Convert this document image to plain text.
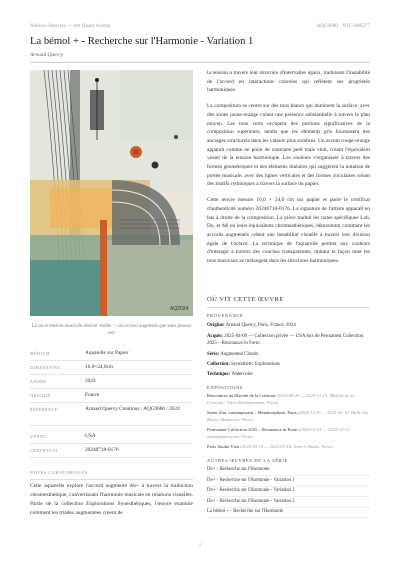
Notices d'œuvres — Art Quant Azoma	AQC0680 · NTC-006277
La bémol + - Recherche sur l'Harmonie - Variation 1
Arnaud Quercy
AQ2024
Là où la tension musicale devient visible — un accord augmenté que vous pouvez voir
MÉDIUM	Aquarelle sur Papier
DIMENSIONS	16,0×24,0cm
ANNÉE	2024
ORIGINE	France
RÉFÉRENCE	Arnaud Quercy Creations / AQC0680 / 2024
VENDU	USA
CERTIFICAT	20240718-0176
NOTES CURATORIALES
Cette aquarelle explore l'accord augmenté Ab+ à travers la traduction chromesthétique, convertissant l'harmonie musicale en relations visuelles. Partie de la collection Explorations Synesthétiques, l'œuvre examine comment les triades augmentées créent de

la tension à travers leur structure d'intervalles égaux, traduisant l'instabilité de l'accord en interactions colorées qui reflètent ses propriétés harmoniques.

La composition se centre sur des tons blancs qui dominent la surface, avec des zones jaune-orange créant une présence substantielle à travers le plan moyen. Les tons verts occupent des portions significatives de la composition supérieure, tandis que les éléments gris fournissent des ancrages structurels dans les valeurs plus sombres. Un accent rouge-orange apparaît comme un point de contraste petit mais vital, créant l'équivalent visuel de la tension harmonique. Les couleurs s'organisent à travers des formes géométriques et des éléments linéaires qui suggèrent la notation de portée musicale, avec des lignes verticales et des formes circulaires créant des motifs rythmiques à travers la surface du papier.

Cette œuvre mesure 16,0 × 24,0 cm sur papier et porte le certificat d'authenticité numéro 20240718-0176. La signature de l'artiste apparaît en bas à droite de la composition. La pièce traduit les notes spécifiques Lab, Do, et Mi en leurs équivalents chromesthétiques, démontrant comment les accords augmentés créent une instabilité visuelle à travers leur division égale de l'octave. La technique de l'aquarelle permet aux couleurs d'interagir à travers des couches transparentes, imitant la façon dont les tons musicaux se mélangent dans les structures harmoniques.

OÙ VIT CETTE ŒUVRE
PROVENANCE
Origine: Arnaud Quercy, Paris, France, 2024
Acquis: 2025-04-09 — Collection privée — USA lors de Permanent Collection 2025 – Resonance in Form
Série: Augmented Chords
Collection: Synesthetic Explorations
Technique: Watercolor
EXPOSITIONS
Rencontres au Marché de la Création (2024-08-29 — 2024-12-13, Marché de la Création - Paris Montparnasse, Paris)
Salon d'art contemporain – Metamorphose, Paris (2024-12-16 — 2025-01-10, Halle des Blancs Manteaux, Paris)
Permanent Collection 2025 – Resonance in Form (2025-01-01 — 2025-12-31, arnaudquercy.art, Paris)
Paris Studio Visit (2025-03-18 — 2025-03-18, Arnie's Studio, Paris)
AUTRES ŒUVRES DE LA SÉRIE
Do+ - Recherche sur l'Harmonie
Do+ - Recherche sur l'Harmonie - Variation 1
Do+ - Recherche sur l'Harmonie - Variation 2
Do+ - Recherche sur l'Harmonie - Variation 3
La bémol + - Recherche sur l'Harmonie
2
